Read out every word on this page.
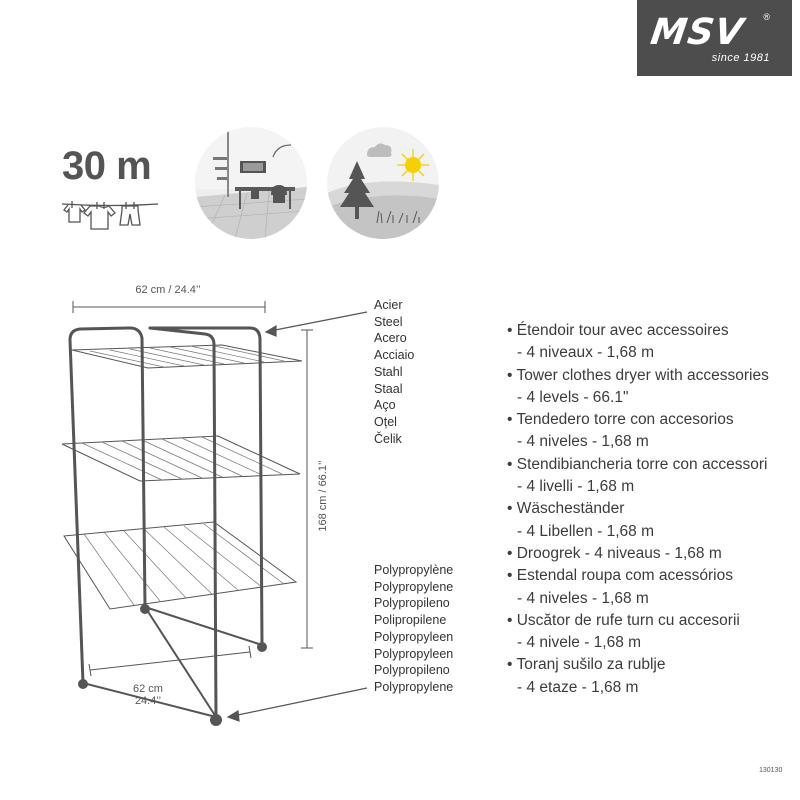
MSV ®
since 1981
30 m
62 cm / 24.4’’
168 cm / 66.1’’
62 cm
24.4’’
Acier
Steel
Acero
Acciaio
Stahl
Staal
Aço
Oțel
Čelik
Polypropylène
Polypropylene
Polypropileno
Polipropilene
Polypropyleen
Polypropyleen
Polypropileno
Polypropylene
• Étendoir tour avec accessoires
- 4 niveaux - 1,68 m
• Tower clothes dryer with accessories
- 4 levels - 66.1"
• Tendedero torre con accesorios
- 4 niveles - 1,68 m
• Stendibiancheria torre con accessori
- 4 livelli - 1,68 m
• Wäscheständer
- 4 Libellen - 1,68 m
• Droogrek - 4 niveaus - 1,68 m
• Estendal roupa com acessórios
- 4 niveles - 1,68 m
• Uscător de rufe turn cu accesorii
- 4 nivele - 1,68 m
• Toranj sušilo za rublje
- 4 etaze - 1,68 m
130130
